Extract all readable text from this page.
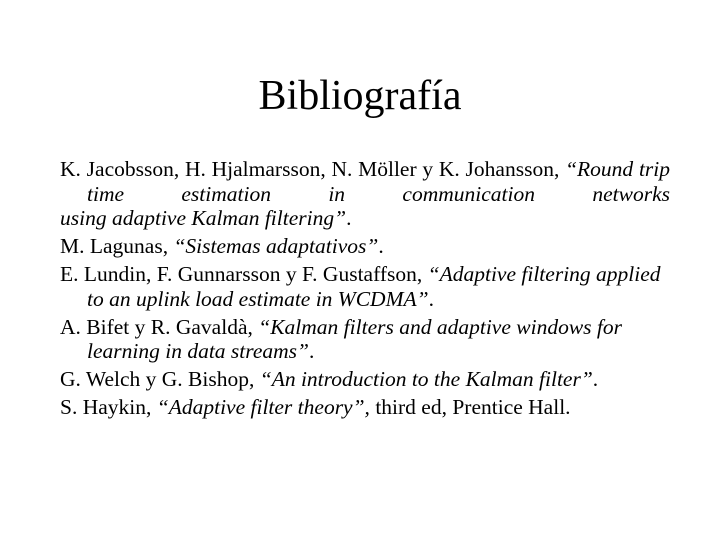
Bibliografía
K. Jacobsson, H. Hjalmarsson, N. Möller y K. Johansson, “Round trip time estimation in communication networks
using adaptive Kalman filtering”.
M. Lagunas, “Sistemas adaptativos”.
E. Lundin, F. Gunnarsson y F. Gustaffson, “Adaptive filtering applied to an uplink load estimate in WCDMA”.
A. Bifet y R. Gavaldà, “Kalman filters and adaptive windows for learning in data streams”.
G. Welch y G. Bishop, “An introduction to the Kalman filter”.
S. Haykin, “Adaptive filter theory”, third ed, Prentice Hall.
